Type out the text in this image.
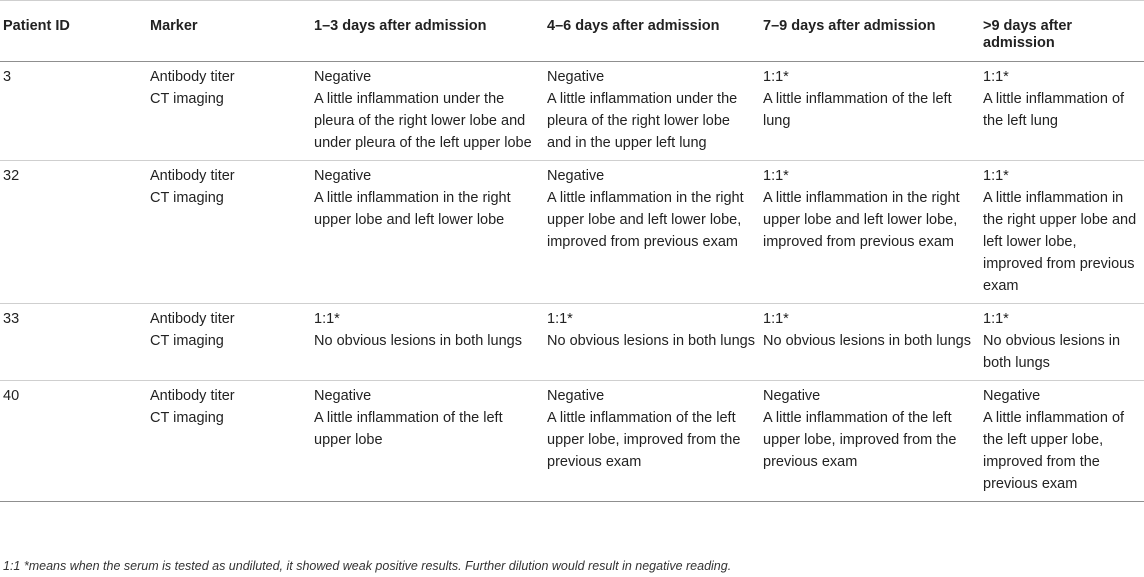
Patient ID	Marker	1–3 days after admission	4–6 days after admission	7–9 days after admission	>9 days after admission
3	Antibody titer	Negative	Negative	1:1*	1:1*
	CT imaging	A little inflammation under the pleura of the right lower lobe and under pleura of the left upper lobe	A little inflammation under the pleura of the right lower lobe and in the upper left lung	A little inflammation of the left lung	A little inflammation of the left lung
32	Antibody titer	Negative	Negative	1:1*	1:1*
	CT imaging	A little inflammation in the right upper lobe and left lower lobe	A little inflammation in the right upper lobe and left lower lobe, improved from previous exam	A little inflammation in the right upper lobe and left lower lobe, improved from previous exam	A little inflammation in the right upper lobe and left lower lobe, improved from previous exam
33	Antibody titer	1:1*	1:1*	1:1*	1:1*
	CT imaging	No obvious lesions in both lungs	No obvious lesions in both lungs	No obvious lesions in both lungs	No obvious lesions in both lungs
40	Antibody titer	Negative	Negative	Negative	Negative
	CT imaging	A little inflammation of the left upper lobe	A little inflammation of the left upper lobe, improved from the previous exam	A little inflammation of the left upper lobe, improved from the previous exam	A little inflammation of the left upper lobe, improved from the previous exam
1:1 *means when the serum is tested as undiluted, it showed weak positive results. Further dilution would result in negative reading.
